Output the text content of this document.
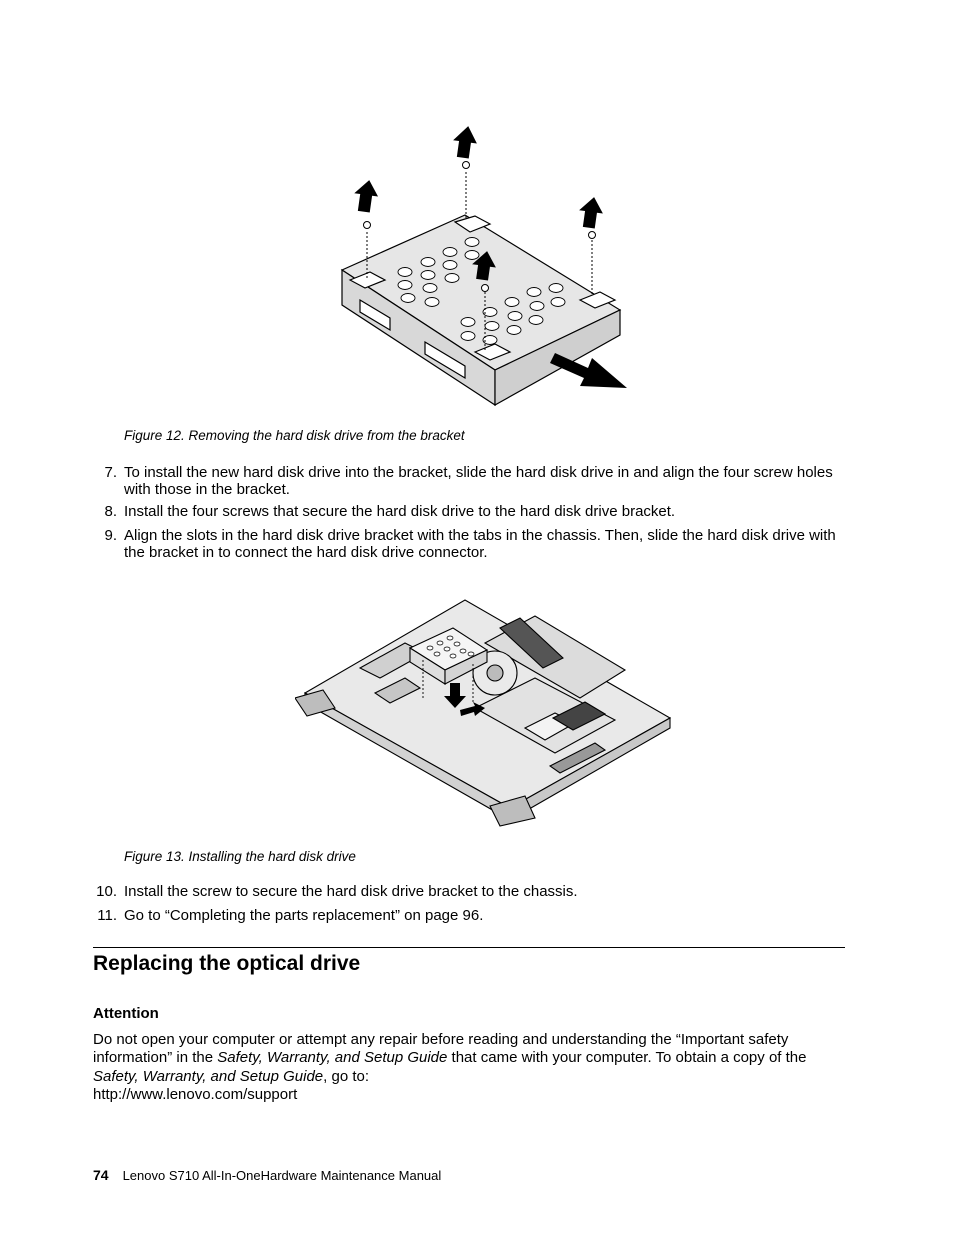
Figure 12. Removing the hard disk drive from the bracket
7. To install the new hard disk drive into the bracket, slide the hard disk drive in and align the four screw holes with those in the bracket.
8. Install the four screws that secure the hard disk drive to the hard disk drive bracket.
9. Align the slots in the hard disk drive bracket with the tabs in the chassis. Then, slide the hard disk drive with the bracket in to connect the hard disk drive connector.
Figure 13. Installing the hard disk drive
10. Install the screw to secure the hard disk drive bracket to the chassis.
11. Go to “Completing the parts replacement” on page 96.
Replacing the optical drive
Attention
Do not open your computer or attempt any repair before reading and understanding the “Important safety information” in the Safety, Warranty, and Setup Guide that came with your computer. To obtain a copy of the Safety, Warranty, and Setup Guide, go to:
http://www.lenovo.com/support
74 Lenovo S710 All-In-OneHardware Maintenance Manual
